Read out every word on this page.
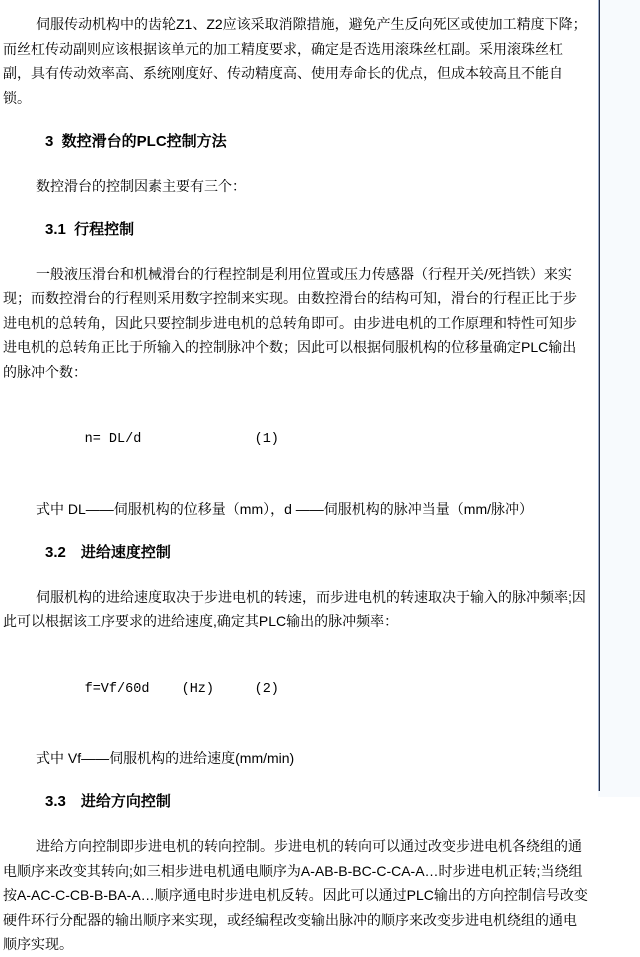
伺服传动机构中的齿轮Z1、Z2应该采取消隙措施，避免产生反向死区或使加工精度下降；而丝杠传动副则应该根据该单元的加工精度要求，确定是否选用滚珠丝杠副。采用滚珠丝杠副，具有传动效率高、系统刚度好、传动精度高、使用寿命长的优点，但成本较高且不能自锁。

3  数控滑台的PLC控制方法

数控滑台的控制因素主要有三个：

3.1  行程控制

一般液压滑台和机械滑台的行程控制是利用位置或压力传感器（行程开关/死挡铁）来实现；而数控滑台的行程则采用数字控制来实现。由数控滑台的结构可知，滑台的行程正比于步进电机的总转角，因此只要控制步进电机的总转角即可。由步进电机的工作原理和特性可知步进电机的总转角正比于所输入的控制脉冲个数；因此可以根据伺服机构的位移量确定PLC输出的脉冲个数：

n= DL/d	(1)

式中 DL——伺服机构的位移量（mm），d ——伺服机构的脉冲当量（mm/脉冲）

3.2　进给速度控制

伺服机构的进给速度取决于步进电机的转速，而步进电机的转速取决于输入的脉冲频率;因此可以根据该工序要求的进给速度,确定其PLC输出的脉冲频率：

f=Vf/60d (Hz)	(2)

式中 Vf——伺服机构的进给速度(mm/min)

3.3　进给方向控制

进给方向控制即步进电机的转向控制。步进电机的转向可以通过改变步进电机各绕组的通电顺序来改变其转向;如三相步进电机通电顺序为A-AB-B-BC-C-CA-A…时步进电机正转;当绕组按A-AC-C-CB-B-BA-A…顺序通电时步进电机反转。因此可以通过PLC输出的方向控制信号改变硬件环行分配器的输出顺序来实现，或经编程改变输出脉冲的顺序来改变步进电机绕组的通电顺序实现。
